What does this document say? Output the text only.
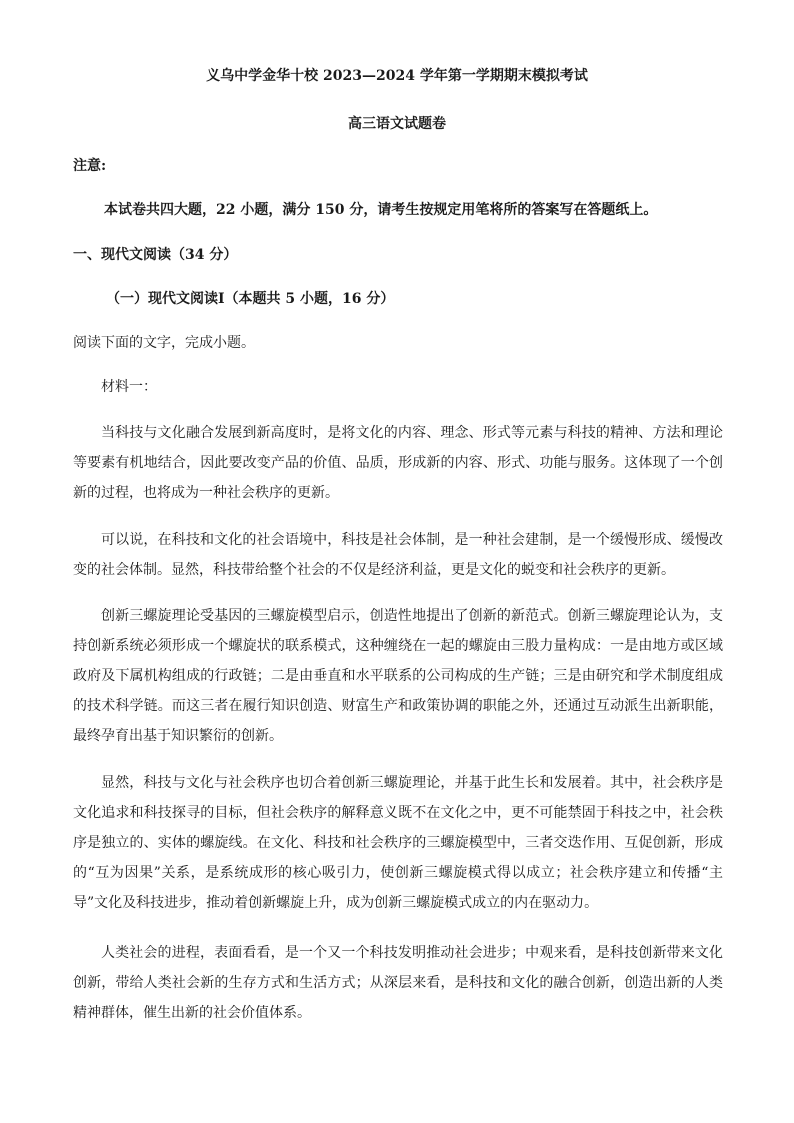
义乌中学金华十校 2023—2024 学年第一学期期末模拟考试
高三语文试题卷
注意:
本试卷共四大题，22 小题，满分 150 分，请考生按规定用笔将所的答案写在答题纸上。
一、现代文阅读（34 分）
（一）现代文阅读Ⅰ（本题共 5 小题，16 分）
阅读下面的文字，完成小题。
材料一：
当科技与文化融合发展到新高度时，是将文化的内容、理念、形式等元素与科技的精神、方法和理论等要素有机地结合，因此要改变产品的价值、品质，形成新的内容、形式、功能与服务。这体现了一个创新的过程，也将成为一种社会秩序的更新。
可以说，在科技和文化的社会语境中，科技是社会体制，是一种社会建制，是一个缓慢形成、缓慢改变的社会体制。显然，科技带给整个社会的不仅是经济利益，更是文化的蜕变和社会秩序的更新。
创新三螺旋理论受基因的三螺旋模型启示，创造性地提出了创新的新范式。创新三螺旋理论认为，支持创新系统必须形成一个螺旋状的联系模式，这种缠绕在一起的螺旋由三股力量构成：一是由地方或区域政府及下属机构组成的行政链；二是由垂直和水平联系的公司构成的生产链；三是由研究和学术制度组成的技术科学链。而这三者在履行知识创造、财富生产和政策协调的职能之外，还通过互动派生出新职能，最终孕育出基于知识繁衍的创新。
显然，科技与文化与社会秩序也切合着创新三螺旋理论，并基于此生长和发展着。其中，社会秩序是文化追求和科技探寻的目标，但社会秩序的解释意义既不在文化之中，更不可能禁固于科技之中，社会秩序是独立的、实体的螺旋线。在文化、科技和社会秩序的三螺旋模型中，三者交迭作用、互促创新，形成的“互为因果”关系，是系统成形的核心吸引力，使创新三螺旋模式得以成立；社会秩序建立和传播“主导”文化及科技进步，推动着创新螺旋上升，成为创新三螺旋模式成立的内在驱动力。
人类社会的进程，表面看看，是一个又一个科技发明推动社会进步；中观来看，是科技创新带来文化创新，带给人类社会新的生存方式和生活方式；从深层来看，是科技和文化的融合创新，创造出新的人类精神群体，催生出新的社会价值体系。
